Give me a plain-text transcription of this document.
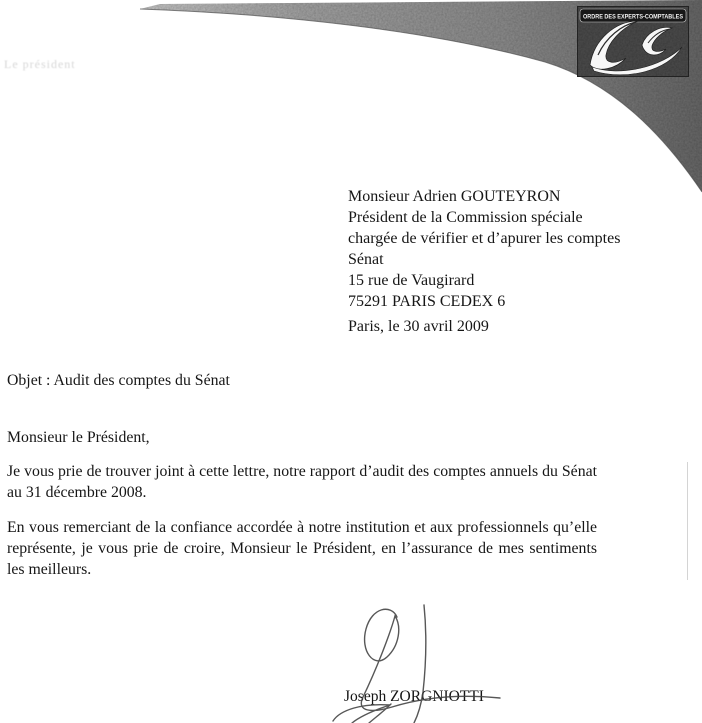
Le président
ORDRE DES EXPERTS-COMPTABLES
Monsieur Adrien GOUTEYRON
Président de la Commission spéciale
chargée de vérifier et d’apurer les comptes
Sénat
15 rue de Vaugirard
75291 PARIS CEDEX 6
Paris, le 30 avril 2009
Objet : Audit des comptes du Sénat
Monsieur le Président,

Je vous prie de trouver joint à cette lettre, notre rapport d’audit des comptes annuels du Sénat au 31 décembre 2008.

En vous remerciant de la confiance accordée à notre institution et aux professionnels qu’elle représente, je vous prie de croire, Monsieur le Président, en l’assurance de mes sentiments les meilleurs.

Joseph ZORGNIOTTI
